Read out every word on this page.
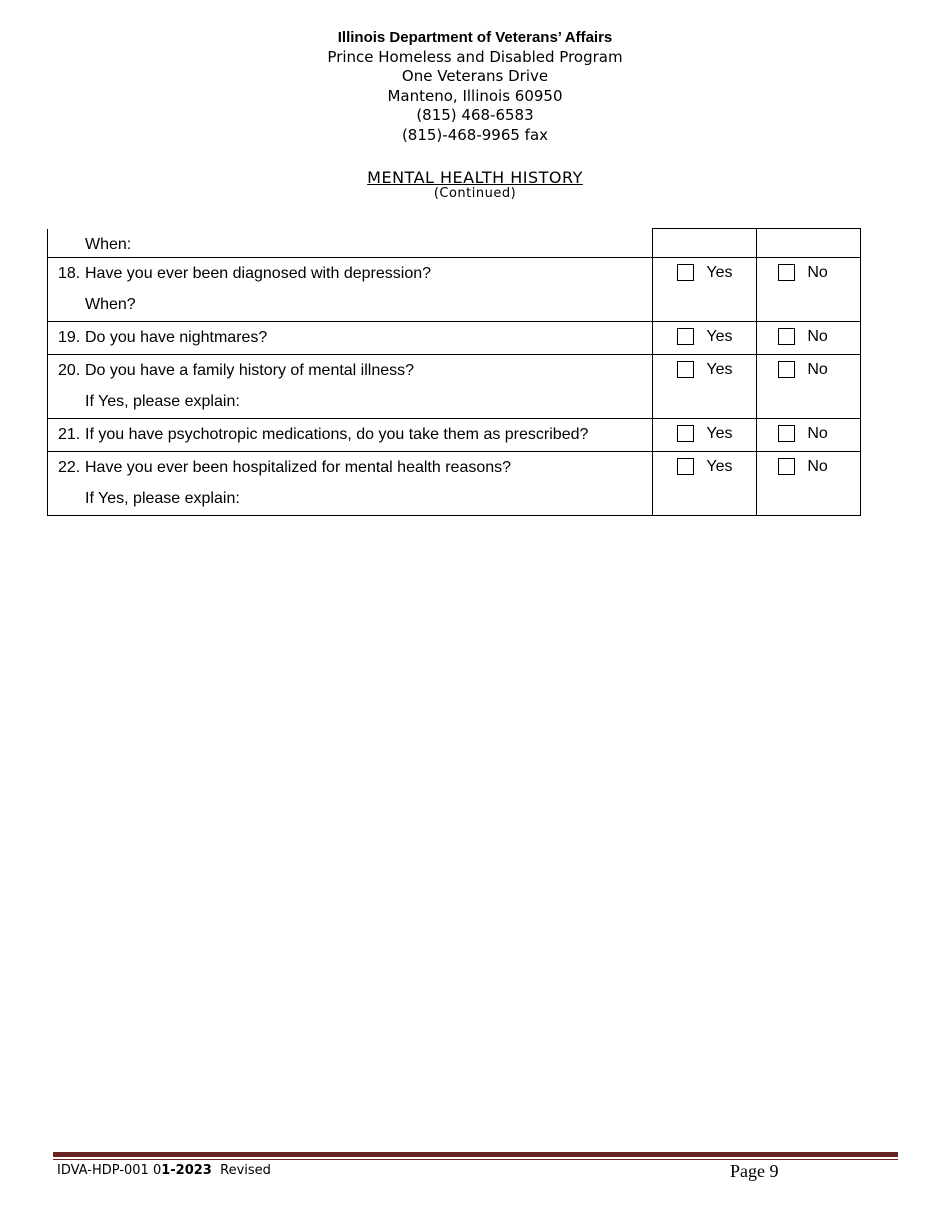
Illinois Department of Veterans’ Affairs
Prince Homeless and Disabled Program
One Veterans Drive
Manteno, Illinois 60950
(815) 468-6583
(815)-468-9965 fax
MENTAL HEALTH HISTORY
(Continued)
When:		

18. Have you ever been diagnosed with depression?
When?	Yes	No

19. Do you have nightmares?	Yes	No

20. Do you have a family history of mental illness?
If Yes, please explain:	Yes	No

21. If you have psychotropic medications, do you take them as prescribed?	Yes	No

22. Have you ever been hospitalized for mental health reasons?
If Yes, please explain:	Yes	No
IDVA-HDP-001 01-2023 Revised	Page 9
